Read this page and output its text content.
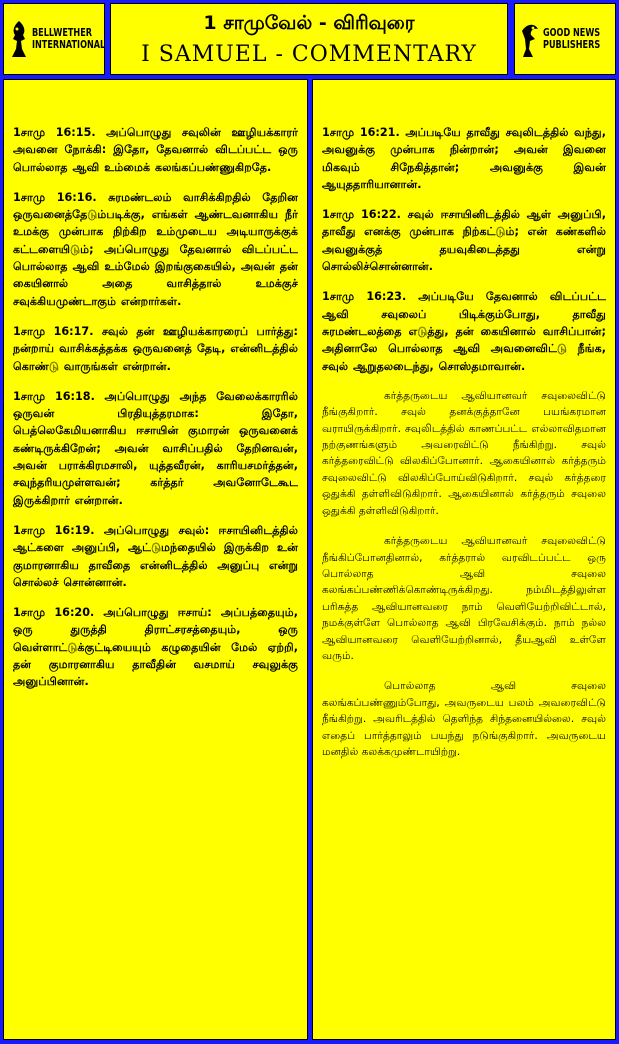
BELLWETHER
INTERNATIONAL
1 சாமுவேல் - விரிவுரை
I SAMUEL - COMMENTARY
GOOD NEWS
PUBLISHERS

1சாமு 16:15. அப்பொழுது சவுலின் ஊழியக்காரர் அவனை நோக்கி: இதோ, தேவனால் விடப்பட்ட ஒரு பொல்லாத ஆவி உம்மைக் கலங்கப்பண்ணுகிறதே.

1சாமு 16:16. சுரமண்டலம் வாசிக்கிறதில் தேறின ஒருவனைத்தேடும்படிக்கு, எங்கள் ஆண்டவனாகிய நீர் உமக்கு முன்பாக நிற்கிற உம்முடைய அடியாருக்குக் கட்டளையிடும்; அப்பொழுது தேவனால் விடப்பட்ட பொல்லாத ஆவி உம்மேல் இறங்குகையில், அவன் தன் கையினால் அதை வாசித்தால் உமக்குச் சவுக்கியமுண்டாகும் என்றார்கள்.

1சாமு 16:17. சவுல் தன் ஊழியக்காரரைப் பார்த்து: நன்றாய் வாசிக்கத்தக்க ஒருவனைத் தேடி, என்னிடத்தில் கொண்டு வாருங்கள் என்றான்.

1சாமு 16:18. அப்பொழுது அந்த வேலைக்காரரில் ஒருவன் பிரதியுத்தரமாக: இதோ, பெத்லெகேமியனாகிய ஈசாயின் குமாரன் ஒருவனைக் கண்டிருக்கிறேன்; அவன் வாசிப்பதில் தேறினவன், அவன் பராக்கிரமசாலி, யுத்தவீரன், காரியசமர்த்தன், சவுந்தரியமுள்ளவன்; கர்த்தர் அவனோடேகூட இருக்கிறார் என்றான்.

1சாமு 16:19. அப்பொழுது சவுல்: ஈசாயினிடத்தில் ஆட்களை அனுப்பி, ஆட்டுமந்தையில் இருக்கிற உன் குமாரனாகிய தாவீதை என்னிடத்தில் அனுப்பு என்று சொல்லச் சொன்னான்.

1சாமு 16:20. அப்பொழுது ஈசாய்: அப்பத்தையும், ஒரு துருத்தி திராட்சரசத்தையும், ஒரு வெள்ளாட்டுக்குட்டியையும் கழுதையின் மேல் ஏற்றி, தன் குமாரனாகிய தாவீதின் வசமாய் சவுலுக்கு அனுப்பினான்.

1சாமு 16:21. அப்படியே தாவீது சவுலிடத்தில் வந்து, அவனுக்கு முன்பாக நின்றான்; அவன் இவனை மிகவும் சிநேகித்தான்; அவனுக்கு இவன் ஆயுததாரியானான்.

1சாமு 16:22. சவுல் ஈசாயினிடத்தில் ஆள் அனுப்பி, தாவீது எனக்கு முன்பாக நிற்கட்டும்; என் கண்களில் அவனுக்குத் தயவுகிடைத்தது என்று சொல்லிச்சொன்னான்.

1சாமு 16:23. அப்படியே தேவனால் விடப்பட்ட ஆவி சவுலைப் பிடிக்கும்போது, தாவீது சுரமண்டலத்தை எடுத்து, தன் கையினால் வாசிப்பான்; அதினாலே பொல்லாத ஆவி அவனைவிட்டு நீங்க, சவுல் ஆறுதலடைந்து, சொஸ்தமாவான்.

கர்த்தருடைய ஆவியானவர் சவுலைவிட்டு நீங்குகிறார். சவுல் தனக்குத்தானே பயங்கரமான வராயிருக்கிறார். சவுலிடத்தில் காணப்பட்ட எல்லாவிதமான நற்குணங்களும் அவரைவிட்டு நீங்கிற்று. சவுல் கர்த்தரைவிட்டு விலகிப்போனார். ஆகையினால் கர்த்தரும் சவுலைவிட்டு விலகிப்போய்விடுகிறார். சவுல் கர்த்தரை ஒதுக்கி தள்ளிவிடுகிறார். ஆகையினால் கர்த்தரும் சவுலை ஒதுக்கி தள்ளிவிடுகிறார்.

கர்த்தருடைய ஆவியானவர் சவுலைவிட்டு நீங்கிப்போனதினால், கர்த்தரால் வரவிடப்பட்ட ஒரு பொல்லாத ஆவி சவுலை கலங்கப்பண்ணிக்கொண்டிருக்கிறது. நம்மிடத்திலுள்ள பரிசுத்த ஆவியானவரை நாம் வெளியேற்றிவிட்டால், நமக்குள்ளே பொல்லாத ஆவி பிரவேசிக்கும். நாம் நல்ல ஆவியானவரை வெளியேற்றினால், தீயஆவி உள்ளே வரும்.

பொல்லாத ஆவி சவுலை கலங்கப்பண்ணும்போது, அவருடைய பலம் அவரைவிட்டு நீங்கிற்று. அவரிடத்தில் தெளிந்த சிந்தனையில்லை. சவுல் எதைப் பார்த்தாலும் பயந்து நடுங்குகிறார். அவருடைய மனதில் கலக்கமுண்டாயிற்று.
